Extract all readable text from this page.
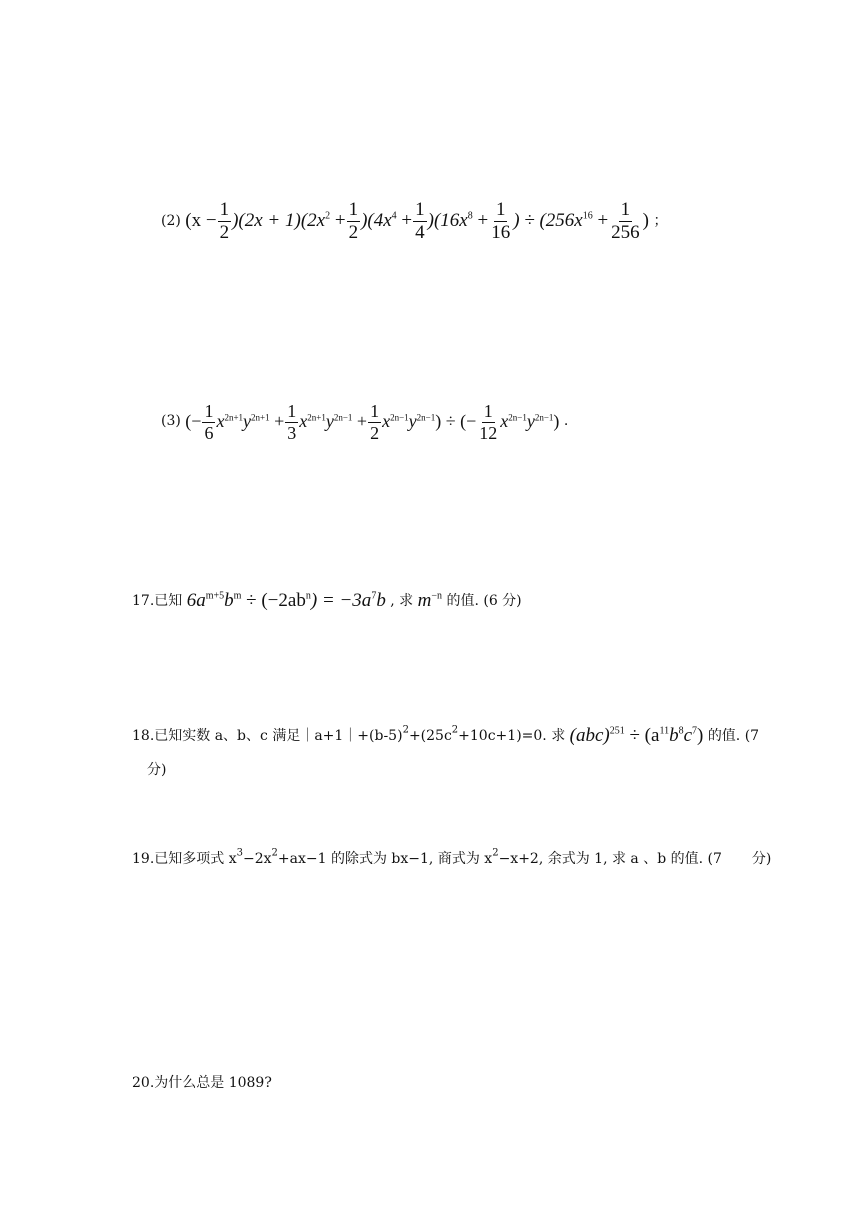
(2) $(x - \frac{1}{2} )(2x + 1)(2x^2 + \frac{1}{2} )(4x^4 + \frac{1}{4} )(16x^8 + \frac{1}{16}$ ) ÷ ($256x^{16} + \frac{1}{256}$ ) ；
(3) (− $\frac{1}{6} x^{2n+1}y^{2n+1} + \frac{1}{3} x^{2n+1}y^{2n-1} + \frac{1}{2} x^{2n-1}y^{2n-1}$) ÷ (− $\frac{1}{12} x^{2n-1}y^{2n-1}$) .
17.已知 $6a^{m+5}b^m \div (-2ab^n) = -3a^7b$ , 求 $m^{-n}$ 的值. (6 分)
18.已知实数 a、b、c 满足$|a+1|+(b-5)^2+(25c^2+10c+1)=0$. 求 $(abc)^{251} \div (a^{11}b^8c^7)$ 的值. (7
分)
19.已知多项式 $x^3-2x^2+ax-1$ 的除式为 bx−1, 商式为 $x^2-x+2$, 余式为 1, 求 a 、b 的值. (7 分)
20.为什么总是 1089?
